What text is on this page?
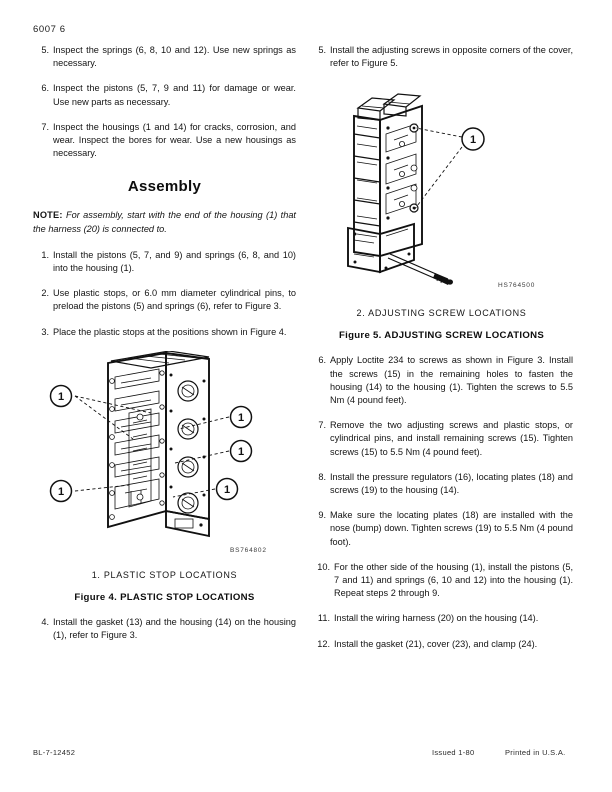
6007 6
5. Inspect the springs (6, 8, 10 and 12). Use new springs as necessary.
6. Inspect the pistons (5, 7, 9 and 11) for damage or wear. Use new parts as necessary.
7. Inspect the housings (1 and 14) for cracks, corrosion, and wear. Inspect the bores for wear. Use a new housings as necessary.
Assembly

NOTE: For assembly, start with the end of the housing (1) that the harness (20) is connected to.

1. Install the pistons (5, 7, and 9) and springs (6, 8, and 10) into the housing (1).
2. Use plastic stops, or 6.0 mm diameter cylindrical pins, to preload the pistons (5) and springs (6), refer to Figure 3.
3. Place the plastic stops at the positions shown in Figure 4.
1
1
1
1
1
BS764802
1. PLASTIC STOP LOCATIONS
Figure 4. PLASTIC STOP LOCATIONS
4. Install the gasket (13) and the housing (14) on the housing (1), refer to Figure 3.
5. Install the adjusting screws in opposite corners of the cover, refer to Figure 5.
1
HS764500
2. ADJUSTING SCREW LOCATIONS
Figure 5. ADJUSTING SCREW LOCATIONS
6. Apply Loctite 234 to screws as shown in Figure 3. Install the screws (15) in the remaining holes to fasten the housing (14) to the housing (1). Tighten the screws to 5.5 Nm (4 pound feet).
7. Remove the two adjusting screws and plastic stops, or cylindrical pins, and install remaining screws (15). Tighten screws (15) to 5.5 Nm (4 pound feet).
8. Install the pressure regulators (16), locating plates (18) and screws (19) to the housing (14).
9. Make sure the locating plates (18) are installed with the nose (bump) down. Tighten screws (19) to 5.5 Nm (4 pound foot).
10. For the other side of the housing (1), install the pistons (5, 7 and 11) and springs (6, 10 and 12) into the housing (1). Repeat steps 2 through 9.
11. Install the wiring harness (20) on the housing (14).
12. Install the gasket (21), cover (23), and clamp (24).
BL-7-12452	Issued 1-80	Printed in U.S.A.
